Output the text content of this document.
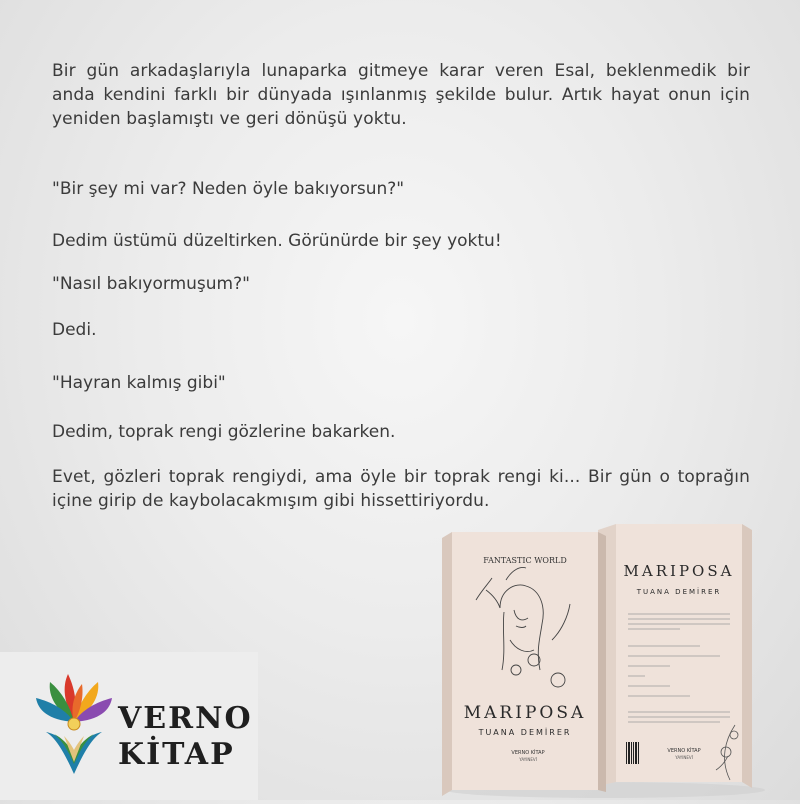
Bir gün arkadaşlarıyla lunaparka gitmeye karar veren Esal, beklenmedik bir
anda kendini farklı bir dünyada ışınlanmış şekilde bulur. Artık hayat onun için
yeniden başlamıştı ve geri dönüşü yoktu.
"Bir şey mi var? Neden öyle bakıyorsun?"
Dedim üstümü düzeltirken. Görünürde bir şey yoktu!
"Nasıl bakıyormuşum?"
Dedi.
"Hayran kalmış gibi"
Dedim, toprak rengi gözlerine bakarken.
Evet, gözleri toprak rengiydi, ama öyle bir toprak rengi ki... Bir gün o toprağın
içine girip de kaybolacakmışım gibi hissettiriyordu.
VERNO
KİTAP
MARIPOSA
TUANA DEMİRER
VERNO KİTAP
YAYINEVİ
FANTASTIC WORLD
MARIPOSA
TUANA DEMİRER
VERNO KİTAP
YAYINEVİ
